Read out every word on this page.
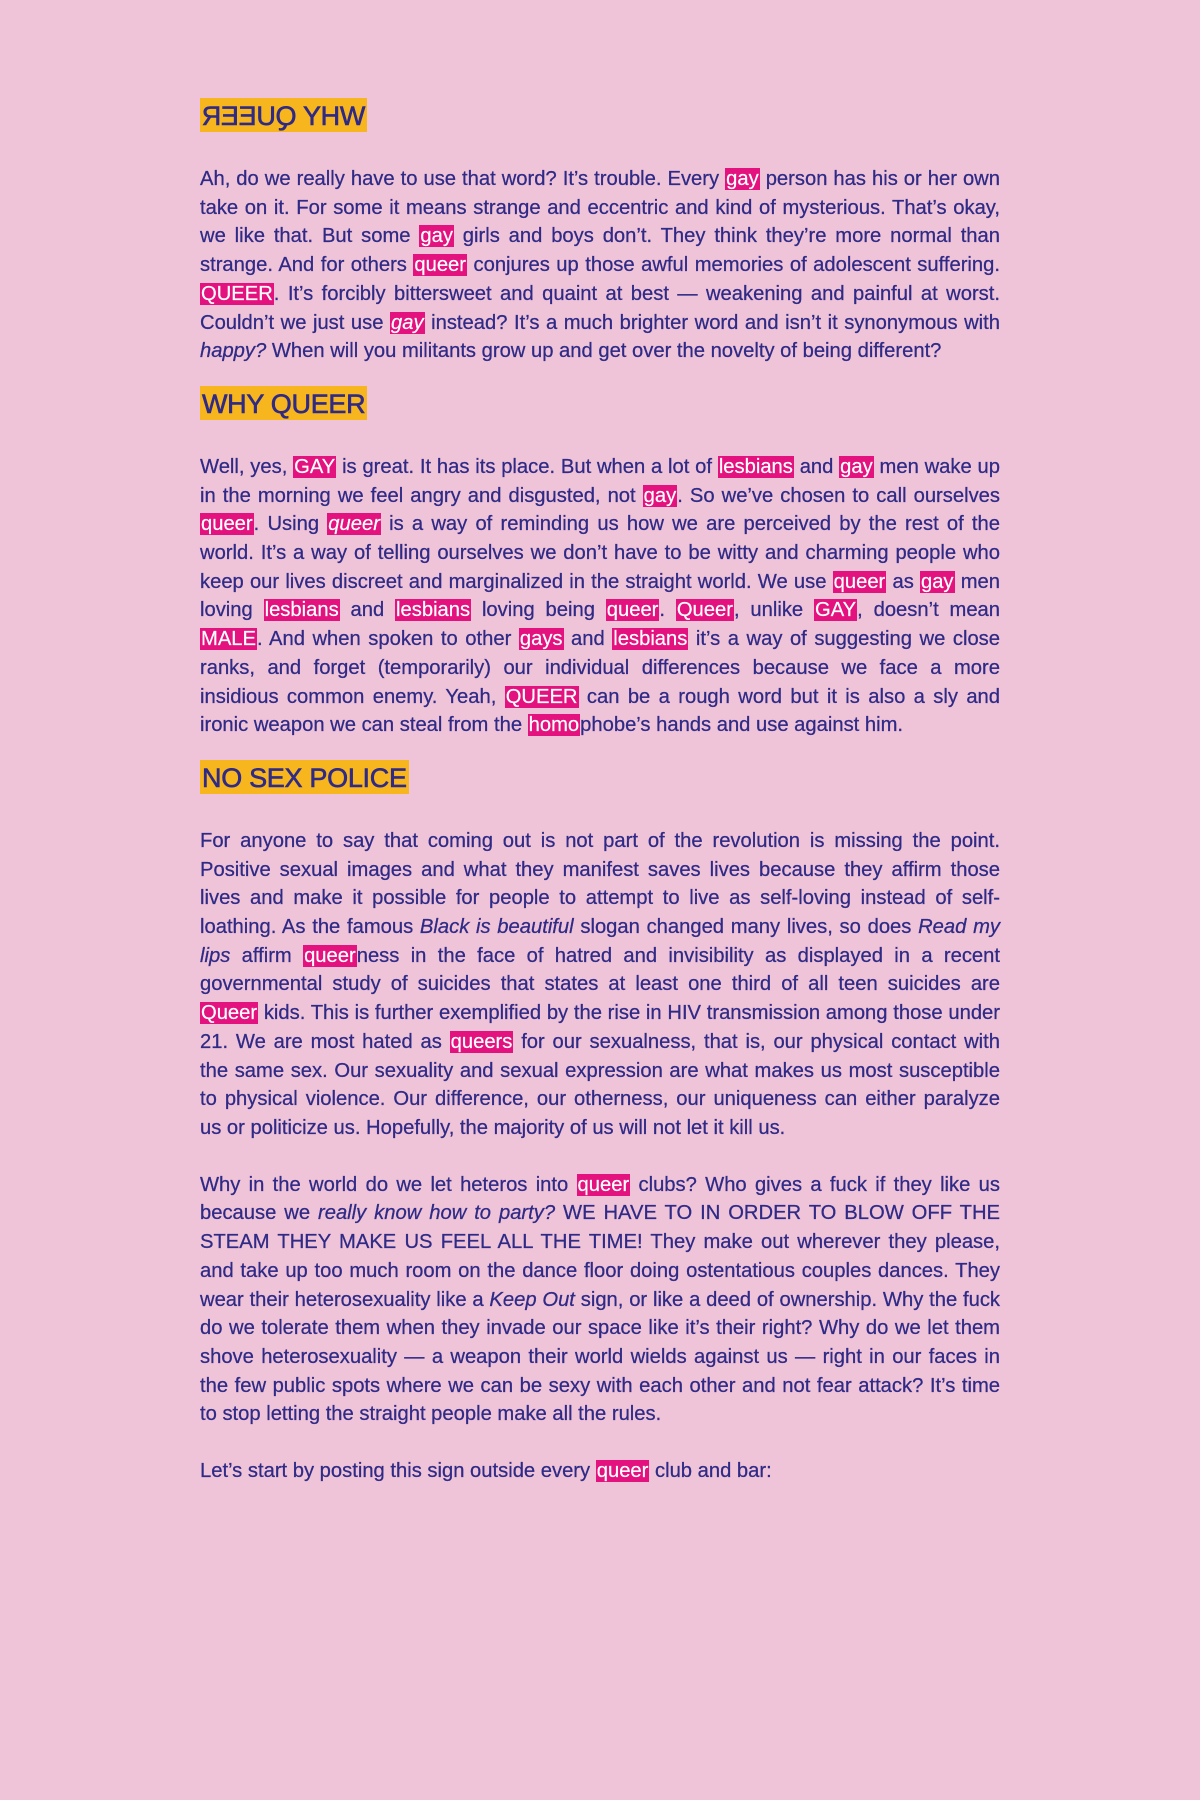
WHY QUEER

Ah, do we really have to use that word? It’s trouble. Every gay person has his or her own take on it. For some it means strange and eccentric and kind of mysterious. That’s okay, we like that. But some gay girls and boys don’t. They think they’re more normal than strange. And for others queer conjures up those awful memories of adolescent suffering. QUEER. It’s forcibly bittersweet and quaint at best — weakening and painful at worst. Couldn’t we just use gay instead? It’s a much brighter word and isn’t it synonymous with happy? When will you militants grow up and get over the novelty of being different?

WHY QUEER

Well, yes, GAY is great. It has its place. But when a lot of lesbians and gay men wake up in the morning we feel angry and disgusted, not gay. So we’ve chosen to call ourselves queer. Using queer is a way of reminding us how we are perceived by the rest of the world. It’s a way of telling ourselves we don’t have to be witty and charming people who keep our lives discreet and marginalized in the straight world. We use queer as gay men loving lesbians and lesbians loving being queer. Queer, unlike GAY, doesn’t mean MALE. And when spoken to other gays and lesbians it’s a way of suggesting we close ranks, and forget (temporarily) our individual differences because we face a more insidious common enemy. Yeah, QUEER can be a rough word but it is also a sly and ironic weapon we can steal from the homophobe’s hands and use against him.

NO SEX POLICE

For anyone to say that coming out is not part of the revolution is missing the point. Positive sexual images and what they manifest saves lives because they affirm those lives and make it possible for people to attempt to live as self-loving instead of self-loathing. As the famous Black is beautiful slogan changed many lives, so does Read my lips affirm queerness in the face of hatred and invisibility as displayed in a recent governmental study of suicides that states at least one third of all teen suicides are Queer kids. This is further exemplified by the rise in HIV transmission among those under 21. We are most hated as queers for our sexualness, that is, our physical contact with the same sex. Our sexuality and sexual expression are what makes us most susceptible to physical violence. Our difference, our otherness, our uniqueness can either paralyze us or politicize us. Hopefully, the majority of us will not let it kill us.

Why in the world do we let heteros into queer clubs? Who gives a fuck if they like us because we really know how to party? WE HAVE TO IN ORDER TO BLOW OFF THE STEAM THEY MAKE US FEEL ALL THE TIME! They make out wherever they please, and take up too much room on the dance floor doing ostentatious couples dances. They wear their heterosexuality like a Keep Out sign, or like a deed of ownership. Why the fuck do we tolerate them when they invade our space like it’s their right? Why do we let them shove heterosexuality — a weapon their world wields against us — right in our faces in the few public spots where we can be sexy with each other and not fear attack? It’s time to stop letting the straight people make all the rules.

Let’s start by posting this sign outside every queer club and bar:
